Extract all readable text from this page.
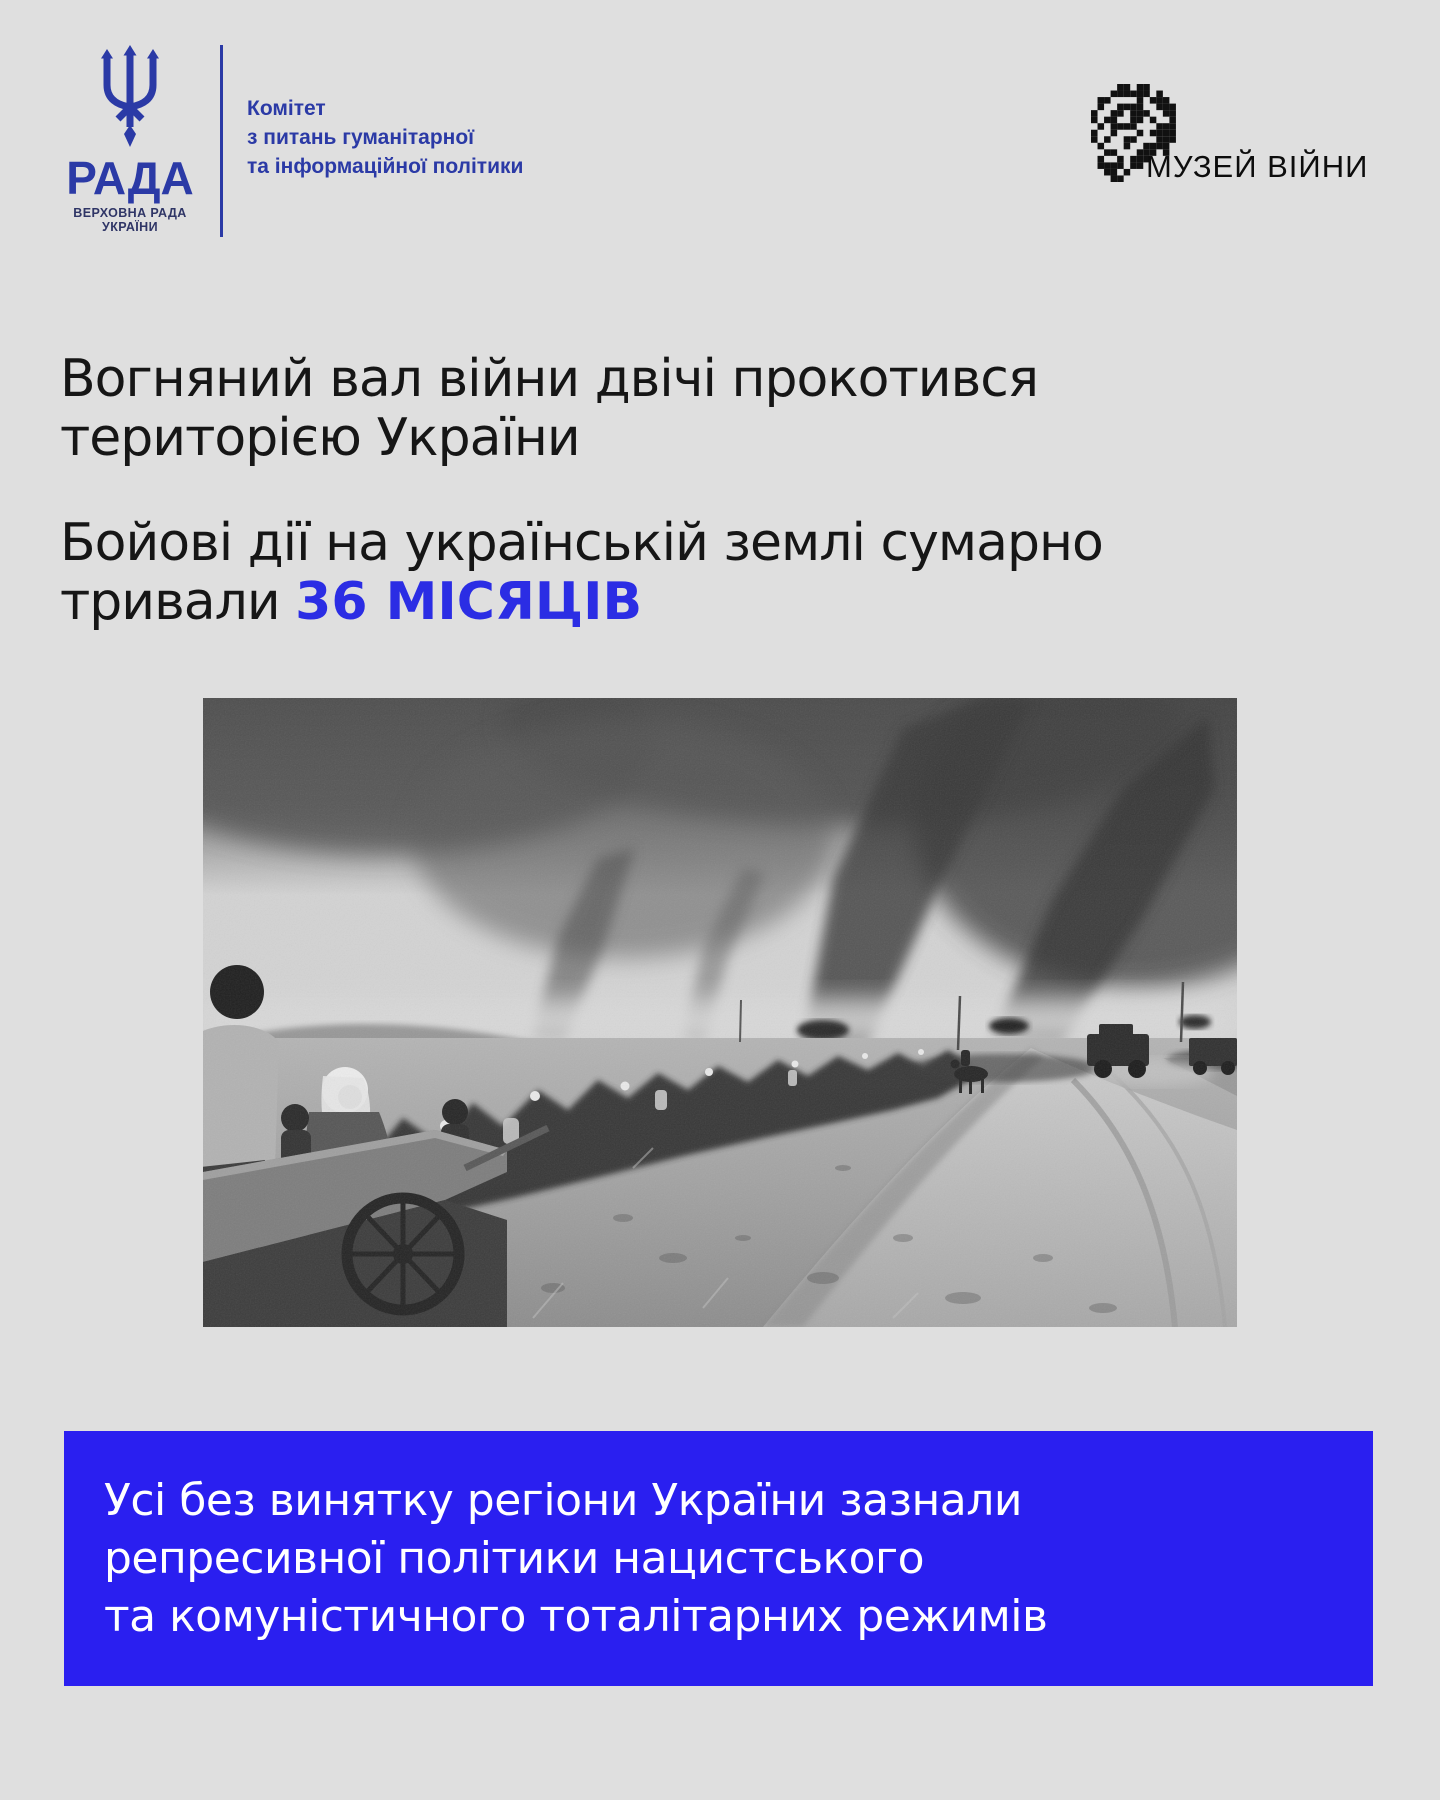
РАДА
ВЕРХОВНА РАДА
УКРАЇНИ
Комітет
з питань гуманітарної
та інформаційної політики	МУЗЕЙ ВІЙНИ
Вогняний вал війни двічі прокотився
територією України
Бойові дії на українській землі сумарно
тривали 36 МІСЯЦІВ
Усі без винятку регіони України зазнали
репресивної політики нацистського
та комуністичного тоталітарних режимів
